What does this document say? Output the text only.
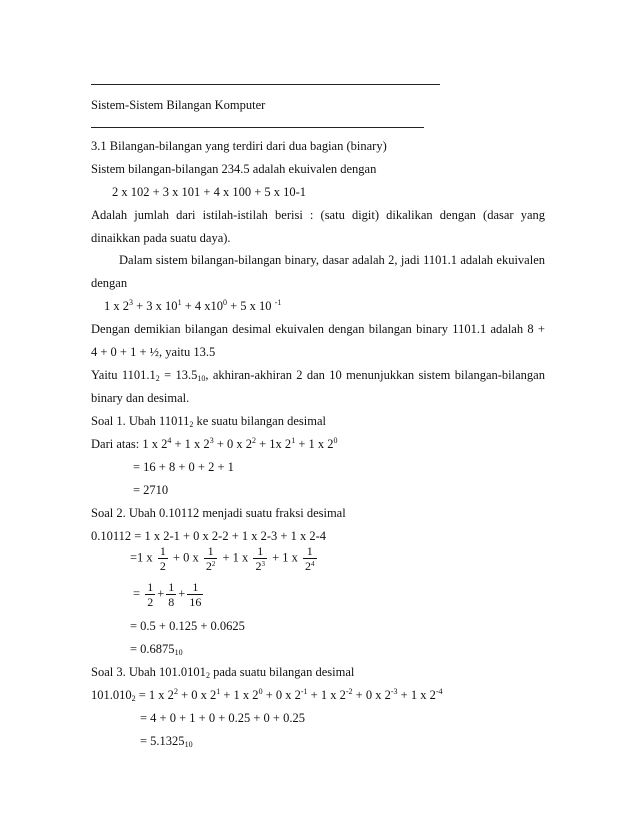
Sistem-Sistem Bilangan Komputer
3.1 Bilangan-bilangan yang terdiri dari dua bagian (binary)
Sistem bilangan-bilangan 234.5 adalah ekuivalen dengan
2 x 102 + 3 x 101 + 4 x 100 + 5 x 10-1
Adalah jumlah dari istilah-istilah berisi : (satu digit) dikalikan dengan (dasar yang
dinaikkan pada suatu daya).
Dalam sistem bilangan-bilangan binary, dasar adalah 2, jadi 1101.1 adalah ekuivalen
dengan
1 x $2^3 + 3$ x $10^1 + 4$ $x10^0 + 5$ x 10 $^{-1}$
Dengan demikian bilangan desimal ekuivalen dengan bilangan binary 1101.1 adalah 8 +
4 + 0 + 1 + ½, yaitu 13.5
Yaitu $1101.1_2 = 13.5_{10}$, akhiran-akhiran 2 dan 10 menunjukkan sistem bilangan-bilangan
binary dan desimal.
Soal 1. Ubah $11011_2$ ke suatu bilangan desimal
Dari atas: 1 x $2^4 + 1$ x $2^3 + 0$ x $2^2 + 1x$ $2^1 + 1$ x $2^0$
= 16 + 8 + 0 + 2 + 1
= 2710
Soal 2. Ubah 0.10112 menjadi suatu fraksi desimal
0.10112 = 1 x 2-1 + 0 x 2-2 + 1 x 2-3 + 1 x 2-4
=1 x $\frac{1}{2} + 0$ x $\frac{1}{2^2} + 1$ x $\frac{1}{2^3} + 1$ x $\frac{1}{2^4}$
= $\frac{1}{2} + \frac{1}{8} + \frac{1}{16}$
= 0.5 + 0.125 + 0.0625
= $0.6875_{10}$
Soal 3. Ubah $101.0101_2$ pada suatu bilangan desimal
$101.010_2 = 1$ x $2^2 + 0$ x $2^1 + 1$ x $2^0 + 0$ x $2^{-1} + 1$ x $2^{-2} + 0$ x $2^{-3} + 1$ x $2^{-4}$
= 4 + 0 + 1 + 0 + 0.25 + 0 + 0.25
= $5.1325_{10}$
